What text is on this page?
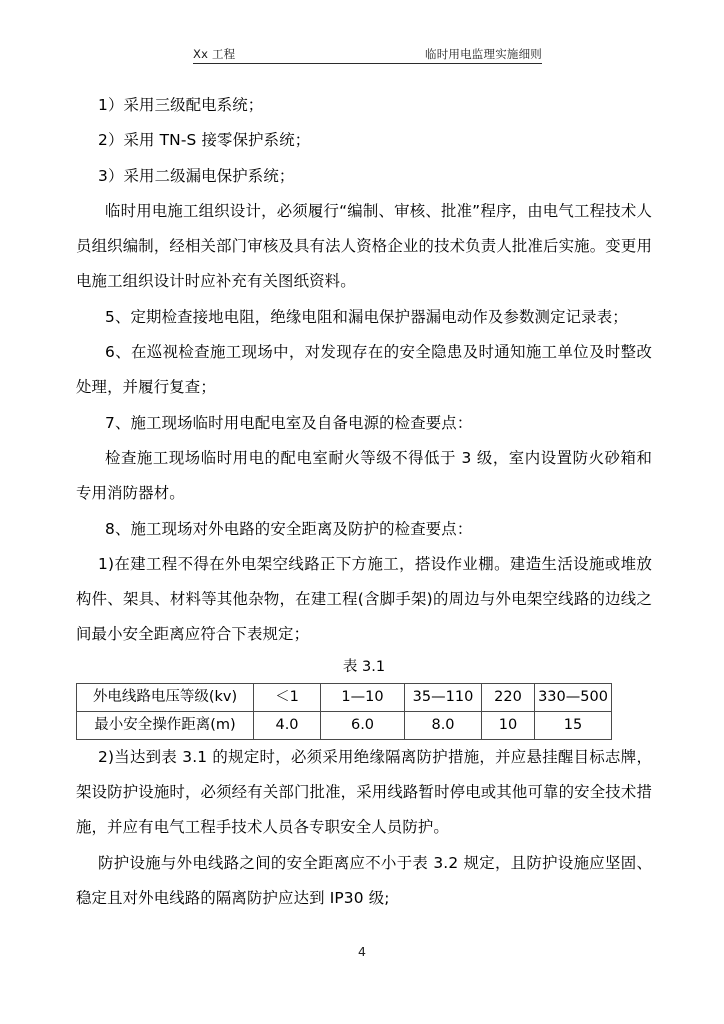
Xx 工程	临时用电监理实施细则

1）采用三级配电系统；

2）采用 TN-S 接零保护系统；

3）采用二级漏电保护系统；

临时用电施工组织设计，必须履行“编制、审核、批准”程序，由电气工程技术人员组织编制，经相关部门审核及具有法人资格企业的技术负责人批准后实施。变更用电施工组织设计时应补充有关图纸资料。

5、定期检查接地电阻，绝缘电阻和漏电保护器漏电动作及参数测定记录表；

6、在巡视检查施工现场中，对发现存在的安全隐患及时通知施工单位及时整改处理，并履行复查；

7、施工现场临时用电配电室及自备电源的检查要点：

检查施工现场临时用电的配电室耐火等级不得低于 3 级，室内设置防火砂箱和专用消防器材。

8、施工现场对外电路的安全距离及防护的检查要点：

1)在建工程不得在外电架空线路正下方施工，搭设作业棚。建造生活设施或堆放构件、架具、材料等其他杂物，在建工程(含脚手架)的周边与外电架空线路的边线之间最小安全距离应符合下表规定；

表 3.1

外电线路电压等级(kv)	＜1	1—10	35—110	220	330—500
最小安全操作距离(m)	4.0	6.0	8.0	10	15

2)当达到表 3.1 的规定时，必须采用绝缘隔离防护措施，并应悬挂醒目标志牌，架设防护设施时，必须经有关部门批准，采用线路暂时停电或其他可靠的安全技术措施，并应有电气工程手技术人员各专职安全人员防护。

防护设施与外电线路之间的安全距离应不小于表 3.2 规定，且防护设施应坚固、稳定且对外电线路的隔离防护应达到 IP30 级;

4
